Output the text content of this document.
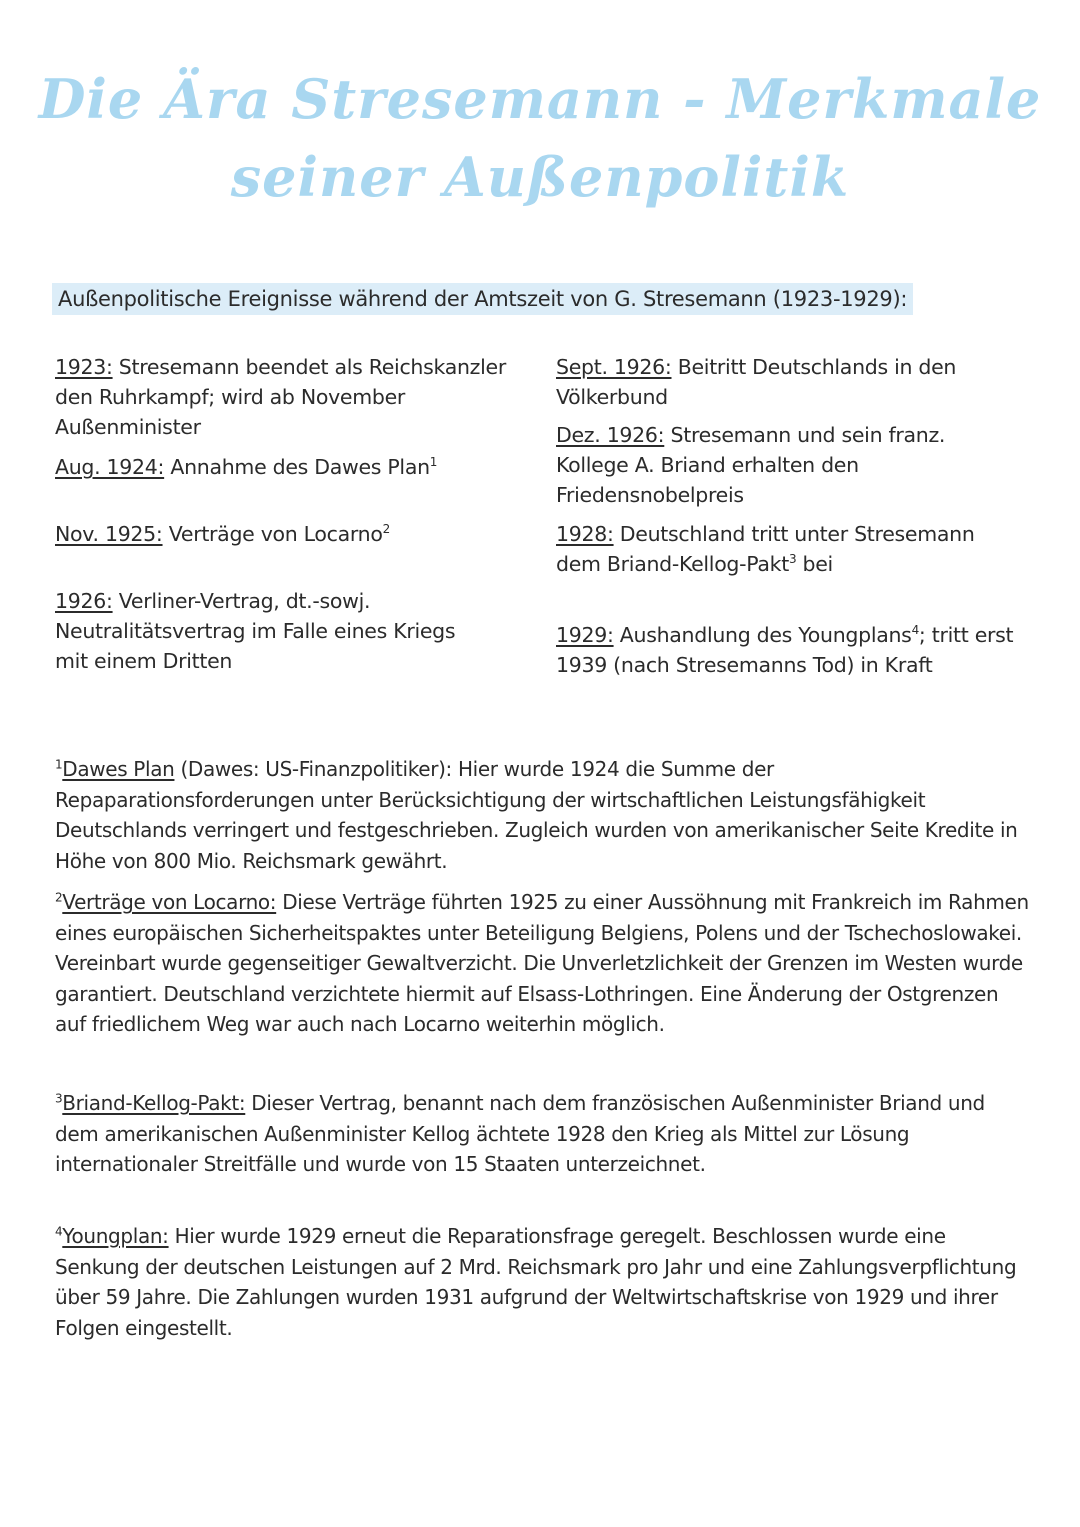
Die Ära Stresemann - Merkmale
seiner Außenpolitik
Außenpolitische Ereignisse während der Amtszeit von G. Stresemann (1923-1929):
1923: Stresemann beendet als Reichskanzler den Ruhrkampf; wird ab November Außenminister
Aug. 1924: Annahme des Dawes Plan$^1$
Nov. 1925: Verträge von Locarno$^2$
1926: Verliner-Vertrag, dt.-sowj. Neutralitätsvertrag im Falle eines Kriegs mit einem Dritten
Sept. 1926: Beitritt Deutschlands in den Völkerbund
Dez. 1926: Stresemann und sein franz. Kollege A. Briand erhalten den Friedensnobelpreis
1928: Deutschland tritt unter Stresemann dem Briand-Kellog-Pakt$^3$ bei
1929: Aushandlung des Youngplans$^4$; tritt erst 1939 (nach Stresemanns Tod) in Kraft
$^1$Dawes Plan (Dawes: US-Finanzpolitiker): Hier wurde 1924 die Summe der Repaparationsforderungen unter Berücksichtigung der wirtschaftlichen Leistungsfähigkeit Deutschlands verringert und festgeschrieben. Zugleich wurden von amerikanischer Seite Kredite in Höhe von 800 Mio. Reichsmark gewährt.
$^2$Verträge von Locarno: Diese Verträge führten 1925 zu einer Aussöhnung mit Frankreich im Rahmen eines europäischen Sicherheitspaktes unter Beteiligung Belgiens, Polens und der Tschechoslowakei. Vereinbart wurde gegenseitiger Gewaltverzicht. Die Unverletzlichkeit der Grenzen im Westen wurde garantiert. Deutschland verzichtete hiermit auf Elsass-Lothringen. Eine Änderung der Ostgrenzen auf friedlichem Weg war auch nach Locarno weiterhin möglich.
$^3$Briand-Kellog-Pakt: Dieser Vertrag, benannt nach dem französischen Außenminister Briand und dem amerikanischen Außenminister Kellog ächtete 1928 den Krieg als Mittel zur Lösung internationaler Streitfälle und wurde von 15 Staaten unterzeichnet.
$^4$Youngplan: Hier wurde 1929 erneut die Reparationsfrage geregelt. Beschlossen wurde eine Senkung der deutschen Leistungen auf 2 Mrd. Reichsmark pro Jahr und eine Zahlungsverpflichtung über 59 Jahre. Die Zahlungen wurden 1931 aufgrund der Weltwirtschaftskrise von 1929 und ihrer Folgen eingestellt.
